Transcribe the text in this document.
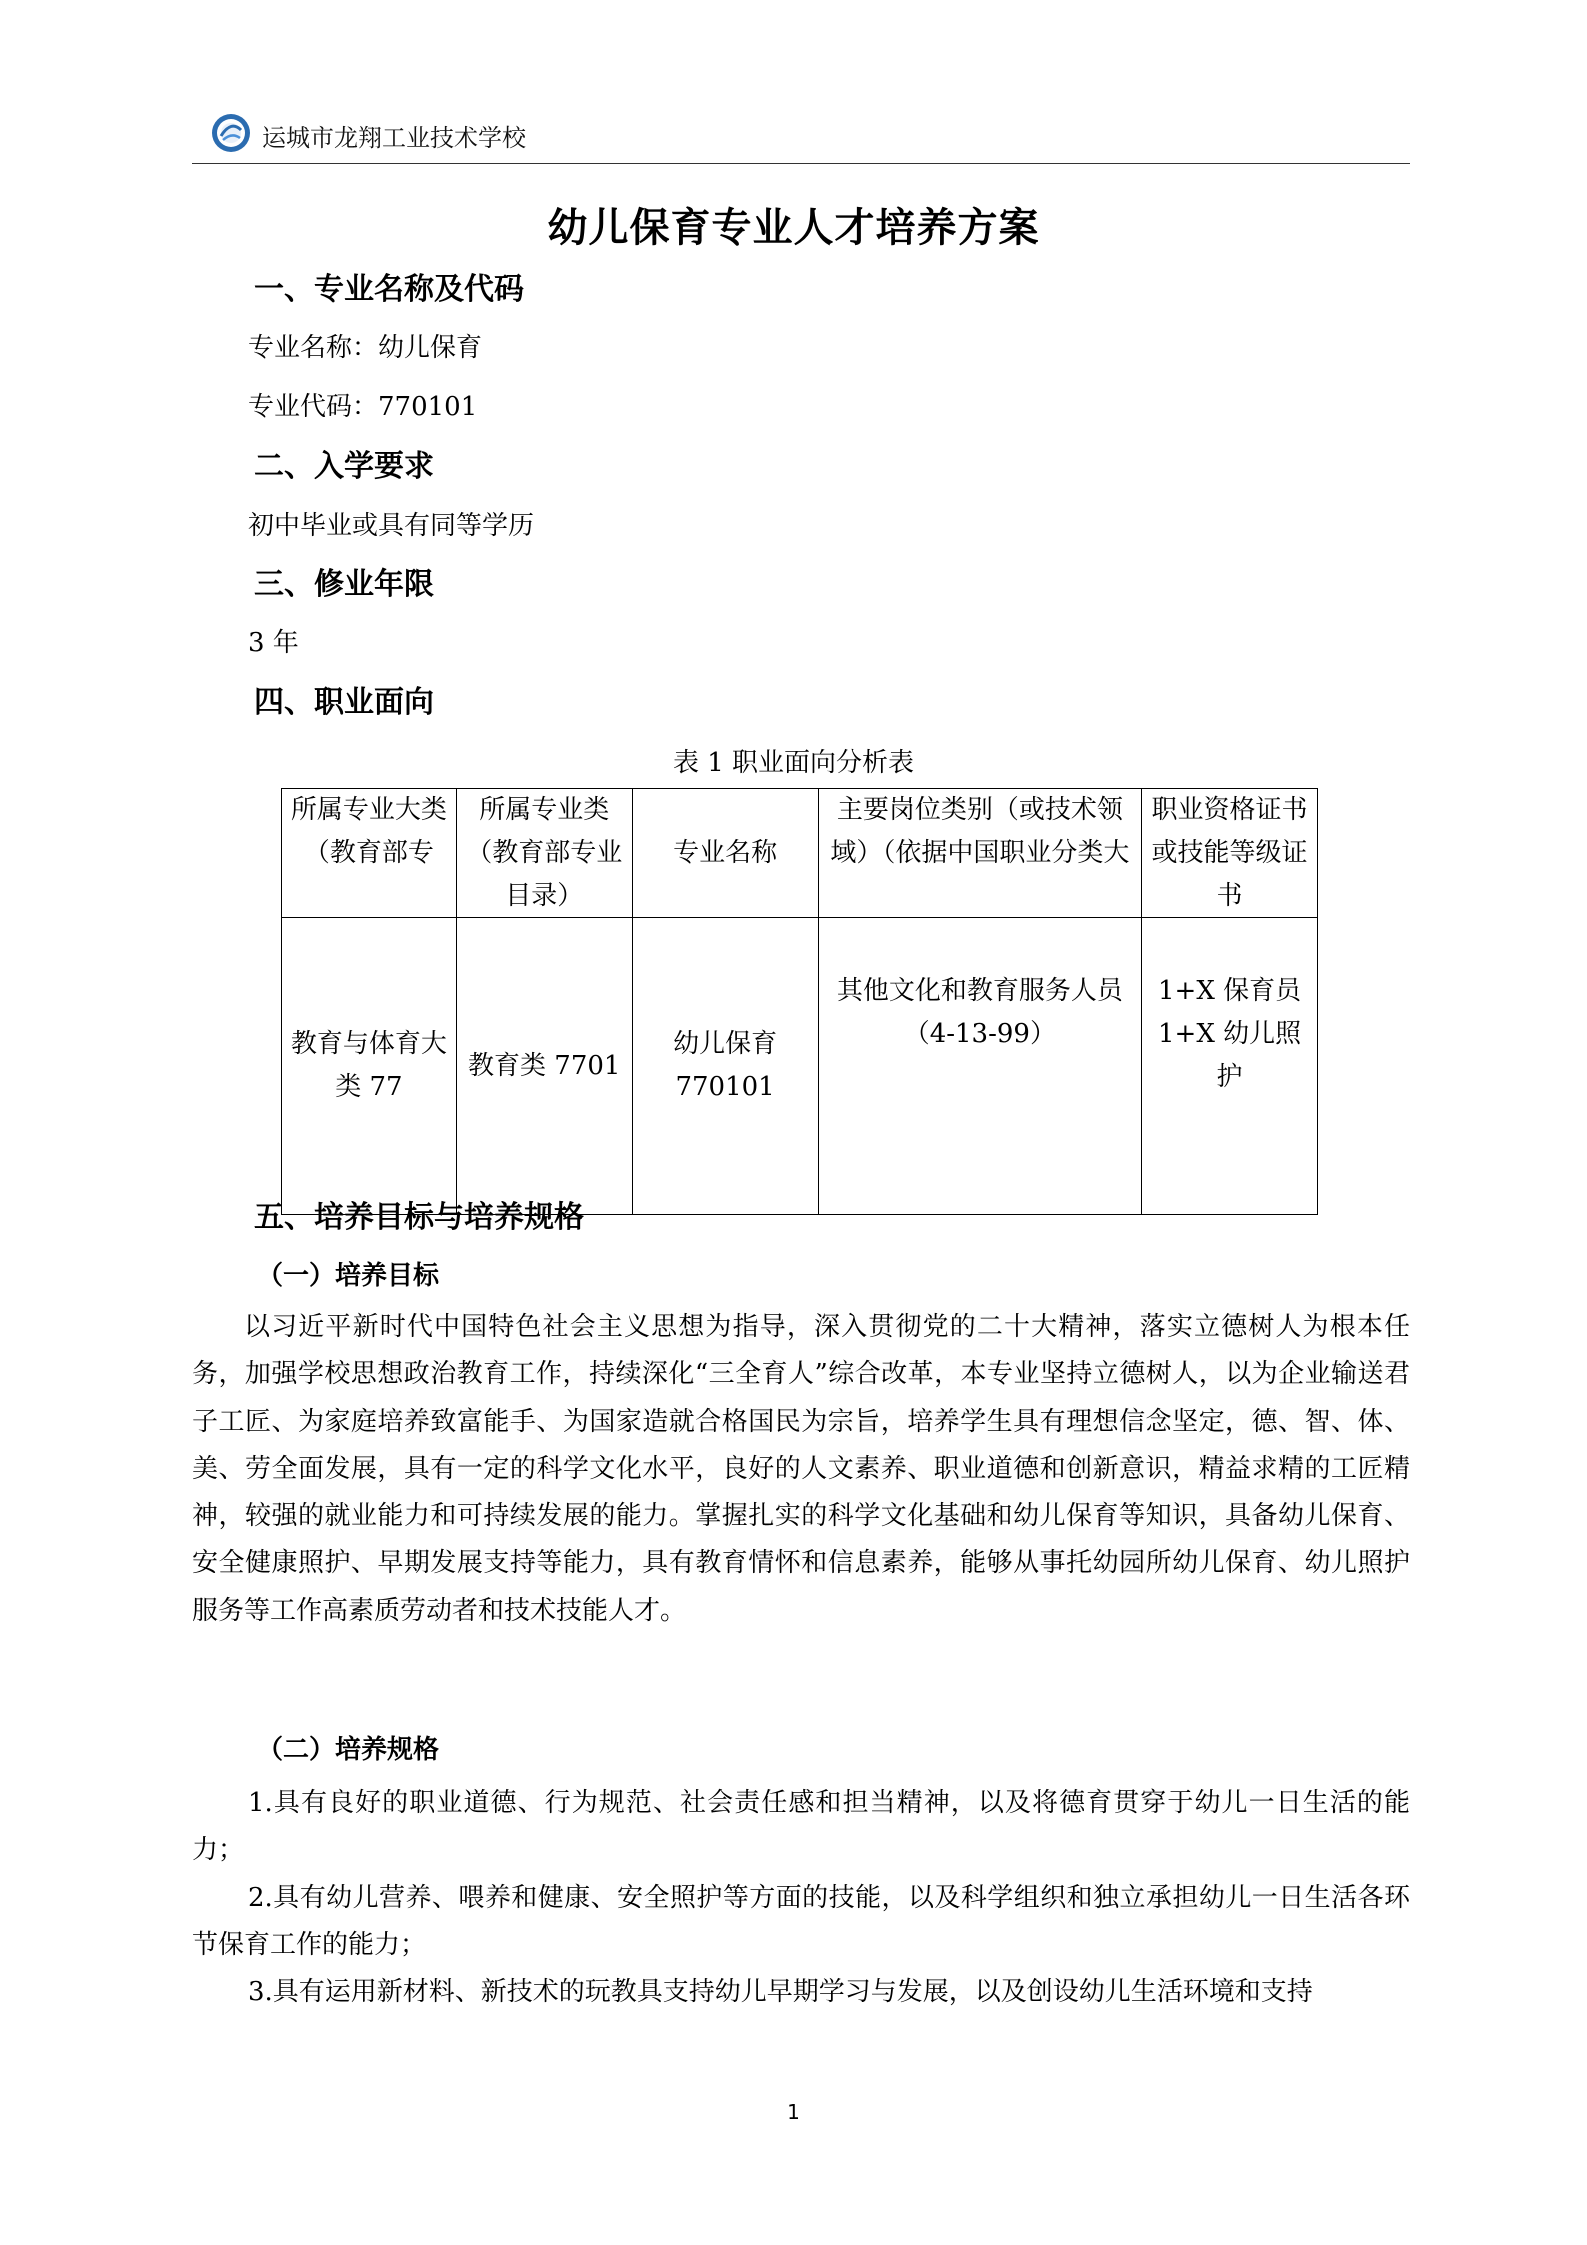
运城市龙翔工业技术学校
幼儿保育专业人才培养方案
一、专业名称及代码
专业名称：幼儿保育
专业代码：770101
二、入学要求
初中毕业或具有同等学历
三、修业年限
3 年
四、职业面向
表 1 职业面向分析表
所属专业大类（教育部专	所属专业类（教育部专业目录）	专业名称	主要岗位类别（或技术领域）（依据中国职业分类大	职业资格证书或技能等级证书

教育与体育大类 77	教育类 7701	幼儿保育 770101	其他文化和教育服务人员（4-13-99）	1+X 保育员 1+X 幼儿照护
五、培养目标与培养规格
（一）培养目标
以习近平新时代中国特色社会主义思想为指导，深入贯彻党的二十大精神，落实立德树人为根本任务，加强学校思想政治教育工作，持续深化“三全育人”综合改革，本专业坚持立德树人，以为企业输送君子工匠、为家庭培养致富能手、为国家造就合格国民为宗旨，培养学生具有理想信念坚定，德、智、体、美、劳全面发展，具有一定的科学文化水平，良好的人文素养、职业道德和创新意识，精益求精的工匠精神，较强的就业能力和可持续发展的能力。掌握扎实的科学文化基础和幼儿保育等知识，具备幼儿保育、安全健康照护、早期发展支持等能力，具有教育情怀和信息素养，能够从事托幼园所幼儿保育、幼儿照护服务等工作高素质劳动者和技术技能人才。
（二）培养规格

1.具有良好的职业道德、行为规范、社会责任感和担当精神，以及将德育贯穿于幼儿一日生活的能力；

2.具有幼儿营养、喂养和健康、安全照护等方面的技能，以及科学组织和独立承担幼儿一日生活各环节保育工作的能力；

3.具有运用新材料、新技术的玩教具支持幼儿早期学习与发展，以及创设幼儿生活环境和支持

1
